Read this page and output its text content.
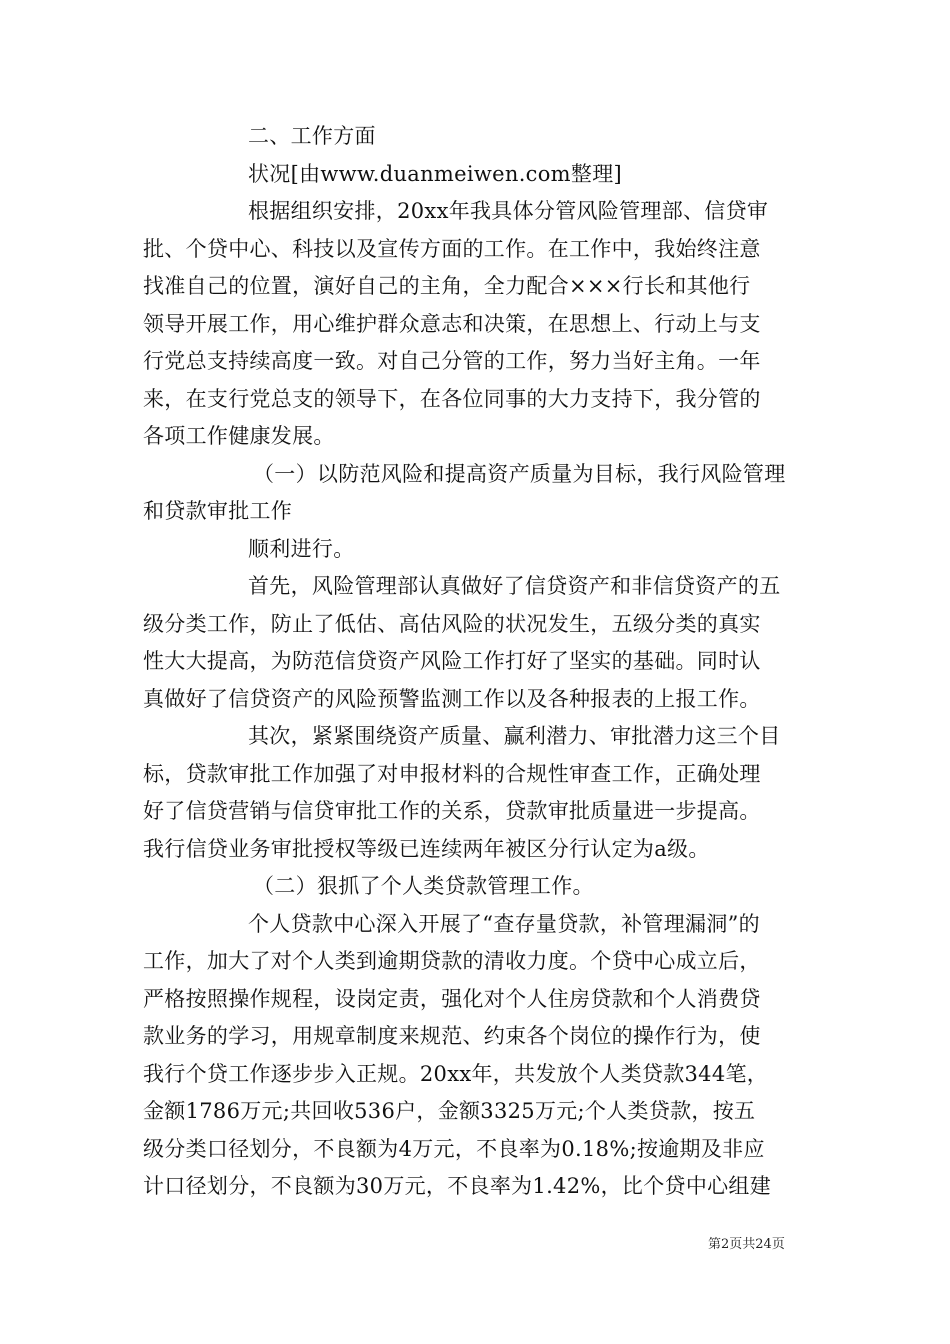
二、工作方面
状况[由www.duanmeiwen.com整理]
根据组织安排，20xx年我具体分管风险管理部、信贷审
批、个贷中心、科技以及宣传方面的工作。在工作中，我始终注意
找准自己的位置，演好自己的主角，全力配合×××行长和其他行
领导开展工作，用心维护群众意志和决策，在思想上、行动上与支
行党总支持续高度一致。对自己分管的工作，努力当好主角。一年
来，在支行党总支的领导下，在各位同事的大力支持下，我分管的
各项工作健康发展。
（一）以防范风险和提高资产质量为目标，我行风险管理
和贷款审批工作
顺利进行。
首先，风险管理部认真做好了信贷资产和非信贷资产的五
级分类工作，防止了低估、高估风险的状况发生，五级分类的真实
性大大提高，为防范信贷资产风险工作打好了坚实的基础。同时认
真做好了信贷资产的风险预警监测工作以及各种报表的上报工作。
其次，紧紧围绕资产质量、赢利潜力、审批潜力这三个目
标，贷款审批工作加强了对申报材料的合规性审查工作，正确处理
好了信贷营销与信贷审批工作的关系，贷款审批质量进一步提高。
我行信贷业务审批授权等级已连续两年被区分行认定为a级。
（二）狠抓了个人类贷款管理工作。
个人贷款中心深入开展了“查存量贷款，补管理漏洞”的
工作，加大了对个人类到逾期贷款的清收力度。个贷中心成立后，
严格按照操作规程，设岗定责，强化对个人住房贷款和个人消费贷
款业务的学习，用规章制度来规范、约束各个岗位的操作行为，使
我行个贷工作逐步步入正规。20xx年，共发放个人类贷款344笔，
金额1786万元;共回收536户，金额3325万元;个人类贷款，按五
级分类口径划分，不良额为4万元，不良率为0.18%;按逾期及非应
计口径划分，不良额为30万元，不良率为1.42%，比个贷中心组建
第2页共24页
